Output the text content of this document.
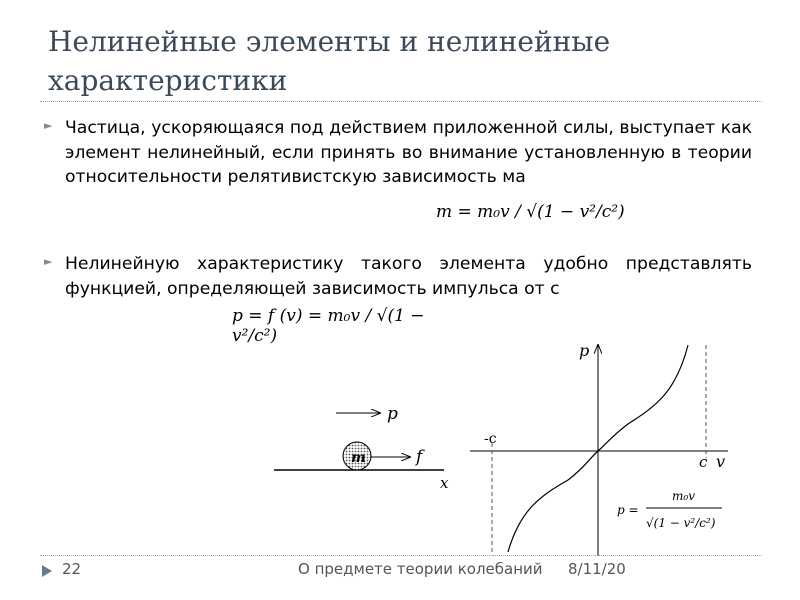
Нелинейные элементы и нелинейные характеристики
► Частица, ускоряющаяся под действием приложенной силы, выступает как элемент нелинейный, если принять во внимание установленную в теории относительности релятивистскую зависимость ма
m = m₀v / √(1 − v²/c²)
► Нелинейную характеристику такого элемента удобно представлять функцией, определяющей зависимость импульса от с
p = f (v) = m₀v / √(1 − v²/c²)
p
x
m	f
p
v
-c
c
p =
m₀v
√(1 − v²/c²)
22	О предмете теории колебаний 8/11/20
